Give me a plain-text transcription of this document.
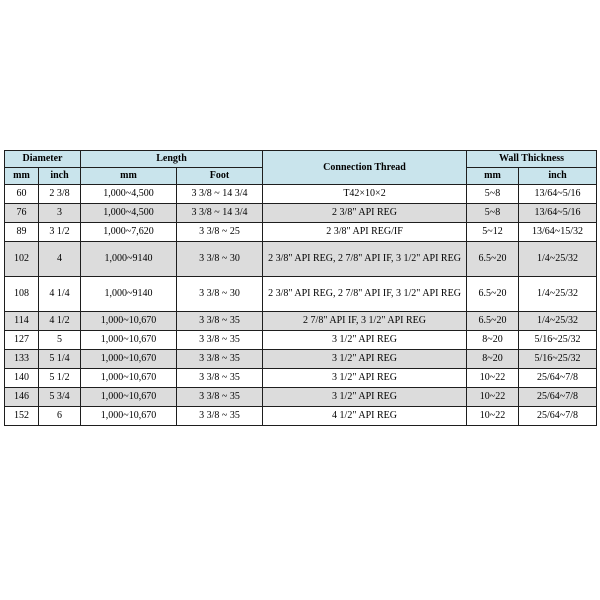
Diameter		Length		Connection Thread	Wall Thickness	
mm	inch	mm	Foot		mm	inch
60	2 3/8	1,000~4,500	3 3/8 ~ 14 3/4	T42×10×2	5~8	13/64~5/16
76	3	1,000~4,500	3 3/8 ~ 14 3/4	2 3/8" API REG	5~8	13/64~5/16
89	3 1/2	1,000~7,620	3 3/8 ~ 25	2 3/8" API REG/IF	5~12	13/64~15/32
102	4	1,000~9140	3 3/8 ~ 30	2 3/8" API REG, 2 7/8" API IF, 3 1/2" API REG	6.5~20	1/4~25/32
108	4 1/4	1,000~9140	3 3/8 ~ 30	2 3/8" API REG, 2 7/8" API IF, 3 1/2" API REG	6.5~20	1/4~25/32
114	4 1/2	1,000~10,670	3 3/8 ~ 35	2 7/8" API IF, 3 1/2" API REG	6.5~20	1/4~25/32
127	5	1,000~10,670	3 3/8 ~ 35	3 1/2" API REG	8~20	5/16~25/32
133	5 1/4	1,000~10,670	3 3/8 ~ 35	3 1/2" API REG	8~20	5/16~25/32
140	5 1/2	1,000~10,670	3 3/8 ~ 35	3 1/2" API REG	10~22	25/64~7/8
146	5 3/4	1,000~10,670	3 3/8 ~ 35	3 1/2" API REG	10~22	25/64~7/8
152	6	1,000~10,670	3 3/8 ~ 35	4 1/2" API REG	10~22	25/64~7/8
